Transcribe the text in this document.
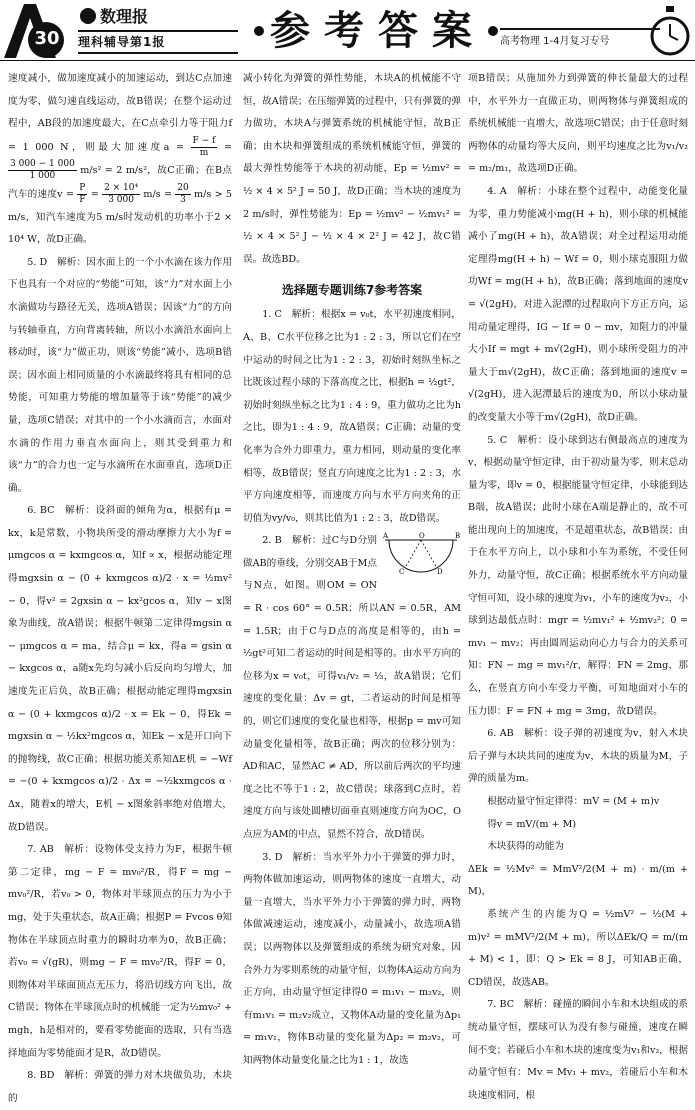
30
数理报
理科辅导第1报	参考答案	高考物理 1-4月复习专号

速度减小，做加速度减小的加速运动，到达C点加速度为零，做匀速直线运动，故B错误；在整个运动过程中，AB段的加速度最大，在C点牵引力等于阻力f = 1 000 N，则最大加速度$a = \frac{F - f}{m}$ =
$\frac{3 000 - 1 000}{1 000} m/s^2 = 2$ m/s²，故C正确；在B点汽车的速度$v = \frac{P}{F} = \frac{\text{2 × 10⁴}}{3 000} m/s = \frac{20}{3} m/s > 5$ m/s，知汽车速度为5 m/s时发动机的功率小于2 × 10⁴ W，故D正确。

5. D　解析：因水面上的一个小水滴在该力作用下也具有一个对应的“势能”可知，该“力”对水面上小水滴做功与路径无关，选项A错误；因该“力”的方向与转轴垂直，方向背离转轴，所以小水滴沿水面向上移动时，该“力”做正功，则该“势能”减小，选项B错误；因水面上相同质量的小水滴最终将具有相同的总势能，可知重力势能的增加量等于该“势能”的减少量，选项C错误；对其中的一个小水滴而言，水面对水滴的作用力垂直水面向上，则其受到重力和该“力”的合力也一定与水滴所在水面垂直，选项D正确。

6. BC　解析：设斜面的倾角为α，根据有μ = kx，k是常数，小物块所受的滑动摩擦力大小为f = μmgcos α = kxmgcos α，知f ∝ x，根据动能定理得mgxsin α − (0 + kxmgcos α)/2 · x = ½mv² − 0，得v² = 2gxsin α − kx²gcos α，知v − x图象为曲线，故A错误；根据牛顿第二定律得mgsin α − μmgcos α = ma，结合μ = kx，得a = gsin α − kxgcos α，a随x先均匀减小后反向均匀增大，加速度先正后负，故B正确；根据动能定理得mgxsin α − (0 + kxmgcos α)/2 · x = Ek − 0，得Ek = mgxsin α − ½kx²mgcos α，知Ek − x是开口向下的抛物线，故C正确；根据功能关系知ΔE机 = −Wf = −(0 + kxmgcos α)/2 · Δx = −½kxmgcos α · Δx，随着x的增大，E机 − x图象斜率绝对值增大，故D错误。

7. AB　解析：设物体受支持力为F，根据牛顿第二定律，mg − F = mv₀²/R，得F = mg − mv₀²/R，若v₀ > 0，物体对半球顶点的压力为小于mg，处于失重状态，故A正确；根据P = Fvcos θ知物体在半球顶点时重力的瞬时功率为0，故B正确；若v₀ = √(gR)，则mg − F = mv₀²/R，得F = 0，则物体对半球面顶点无压力，将沿切线方向飞出，故C错误；物体在半球顶点时的机械能一定为½mv₀² + mgh，h是相对的，要看零势能面的选取，只有当选择地面为零势能面才是R，故D错误。

8. BD　解析：弹簧的弹力对木块做负功，木块的

减小转化为弹簧的弹性势能，木块A的机械能不守恒，故A错误；在压缩弹簧的过程中，只有弹簧的弹力做功，木块A与弹簧系统的机械能守恒，故B正确；由木块和弹簧组成的系统机械能守恒，弹簧的最大弹性势能等于木块的初动能，Ep = ½mv² = ½ × 4 × 5² J = 50 J，故D正确；当木块的速度为2 m/s时，弹性势能为：Ep = ½mv² − ½mv₁² = ½ × 4 × 5² J − ½ × 4 × 2² J = 42 J，故C错误。故选BD。

选择题专题训练7参考答案

1. C　解析：根据x = v₀t，水平初速度相同，A、B、C水平位移之比为1 : 2 : 3，所以它们在空中运动的时间之比为1 : 2 : 3，初始时刻纵坐标之比既该过程小球的下落高度之比，根据h = ½gt²，初始时刻纵坐标之比为1 : 4 : 9，重力做功之比为h之比，即为1 : 4 : 9，故A错误；C正确；动量的变化率为合外力即重力，重力相同，则动量的变化率相等，故B错误；竖直方向速度之比为1 : 2 : 3，水平方向速度相等，而速度方向与水平方向夹角的正切值为vy/v₀，则其比值为1 : 2 : 3，故D错误。

A	B
O
C	D

2. B　解析：过C与D分别做AB的垂线，分别交AB于M点与N点，如图。则OM = ON = R · cos 60° = 0.5R；所以AN = 0.5R，AM = 1.5R；由于C与D点的高度是相等的，由h = ½gt²可知二者运动的时间是相等的。由水平方向的位移为x = v₀t，可得v₁/v₂ = ⅓，故A错误；它们速度的变化量：Δv = gt，二者运动的时间是相等的，则它们速度的变化量也相等，根据p = mv可知动量变化量相等，故B正确；两次的位移分别为：AD和AC，显然AC ≠ AD，所以前后两次的平均速度之比不等于1 : 2，故C错误；球落到C点时，若速度方向与该处圆槽切面垂直则速度方向为OC，O点应为AM的中点，显然不符合，故D错误。

3. D　解析：当水平外力小于弹簧的弹力时，两物体做加速运动，则两物体的速度一直增大，动量一直增大，当水平外力小于弹簧的弹力时，两物体做减速运动，速度减小，动量减小，故选项A错误；以两物体以及弹簧组成的系统为研究对象，因合外力为零则系统的动量守恒，以物体A运动方向为正方向，由动量守恒定律得0 = m₁v₁ − m₂v₂，则有m₁v₁ = m₂v₂成立，又物体A动量的变化量为Δp₁ = m₁v₁，物体B动量的变化量为Δp₂ = m₂v₂，可知两物体动量变化量之比为1 : 1，故选

项B错误；从施加外力到弹簧的伸长量最大的过程中，水平外力一直做正功，则两物体与弹簧组成的系统机械能一直增大，故选项C错误；由于任意时刻两物体的动量均等大反向，则平均速度之比为v₁/v₂ = m₂/m₁，故选项D正确。

4. A　解析：小球在整个过程中，动能变化量为零，重力势能减小mg(H + h)，则小球的机械能减小了mg(H + h)，故A错误；对全过程运用动能定理得mg(H + h) − Wf = 0，则小球克服阻力做功Wf = mg(H + h)，故B正确；落到地面的速度v = √(2gH)，对进入泥潭的过程取向下方正方向，运用动量定理得，IG − If = 0 − mv，知阻力的冲量大小If = mgt + m√(2gH)，则小球所受阻力的冲量大于m√(2gH)，故C正确；落到地面的速度v = √(2gH)，进入泥潭最后的速度为0，所以小球动量的改变量大小等于m√(2gH)，故D正确。

5. C　解析：设小球到达右侧最高点的速度为v，根据动量守恒定律，由于初动量为零，则末总动量为零，即v = 0，根据能量守恒定律，小球能到达B端，故A错误；此时小球在A端是静止的，故不可能出现向上的加速度，不是超重状态，故B错误；由于在水平方向上，以小球和小车为系统，不受任何外力，动量守恒，故C正确；根据系统水平方向动量守恒可知，设小球的速度为v₁，小车的速度为v₂，小球到达最低点时：mgr = ½mv₁² + ½mv₂²；0 = mv₁ − mv₂；再由圆周运动向心力与合力的关系可知：FN − mg = mv₁²/r，解得：FN = 2mg，那么，在竖直方向小车受力平衡，可知地面对小车的压力即：F = FN + mg = 3mg，故D错误。

6. AB　解析：设子弹的初速度为v，射入木块后子弹与木块共同的速度为v，木块的质量为M，子弹的质量为m。

根据动量守恒定律得：mV = (M + m)v

得v = mV/(m + M)

木块获得的动能为

ΔEk = ½Mv² = MmV²/2(M + m) · m/(m + M)，

系统产生的内能为Q = ½mV² − ½(M + m)v² = mMV²/2(M + m)，所以ΔEk/Q = m/(m + M) < 1，即：Q > Ek = 8 J，可知AB正确，CD错误，故选AB。

7. BC　解析：碰撞的瞬间小车和木块组成的系统动量守恒，摆球可认为没有参与碰撞，速度在瞬间不变；若碰后小车和木块的速度变为v₁和v₂，根据动量守恒有：Mv = Mv₁ + mv₂，若碰后小车和木块速度相同，根
